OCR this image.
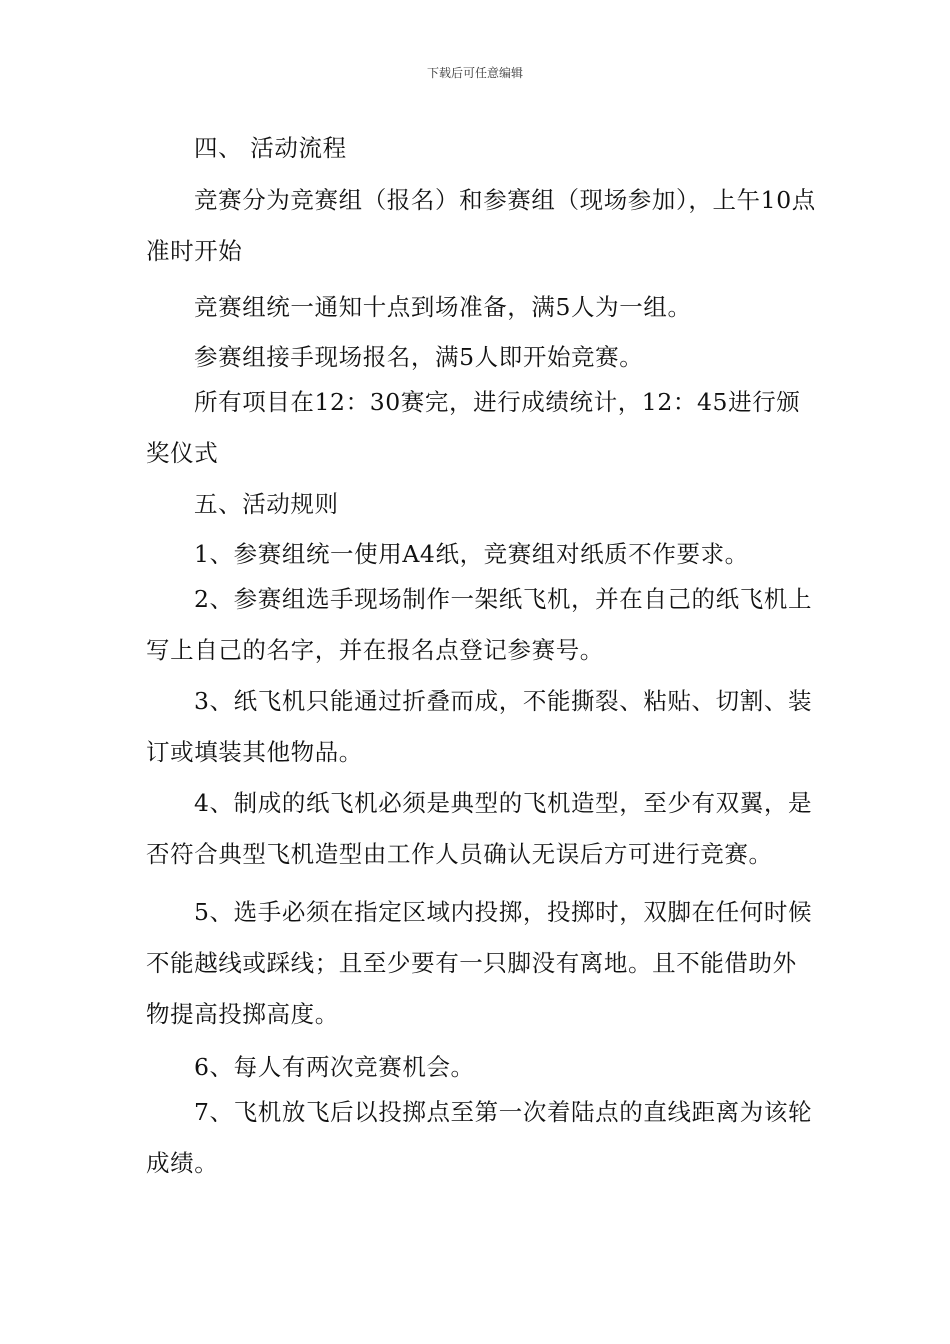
下载后可任意编辑

四、 活动流程

竞赛分为竞赛组（报名）和参赛组（现场参加），上午10点准时开始

竞赛组统一通知十点到场准备，满5人为一组。

参赛组接手现场报名，满5人即开始竞赛。

所有项目在12：30赛完，进行成绩统计，12：45进行颁奖仪式

五、活动规则

1、参赛组统一使用A4纸，竞赛组对纸质不作要求。

2、参赛组选手现场制作一架纸飞机，并在自己的纸飞机上写上自己的名字，并在报名点登记参赛号。

3、纸飞机只能通过折叠而成，不能撕裂、粘贴、切割、装订或填装其他物品。

4、制成的纸飞机必须是典型的飞机造型，至少有双翼，是否符合典型飞机造型由工作人员确认无误后方可进行竞赛。

5、选手必须在指定区域内投掷，投掷时，双脚在任何时候不能越线或踩线；且至少要有一只脚没有离地。且不能借助外物提高投掷高度。

6、每人有两次竞赛机会。

7、飞机放飞后以投掷点至第一次着陆点的直线距离为该轮成绩。
